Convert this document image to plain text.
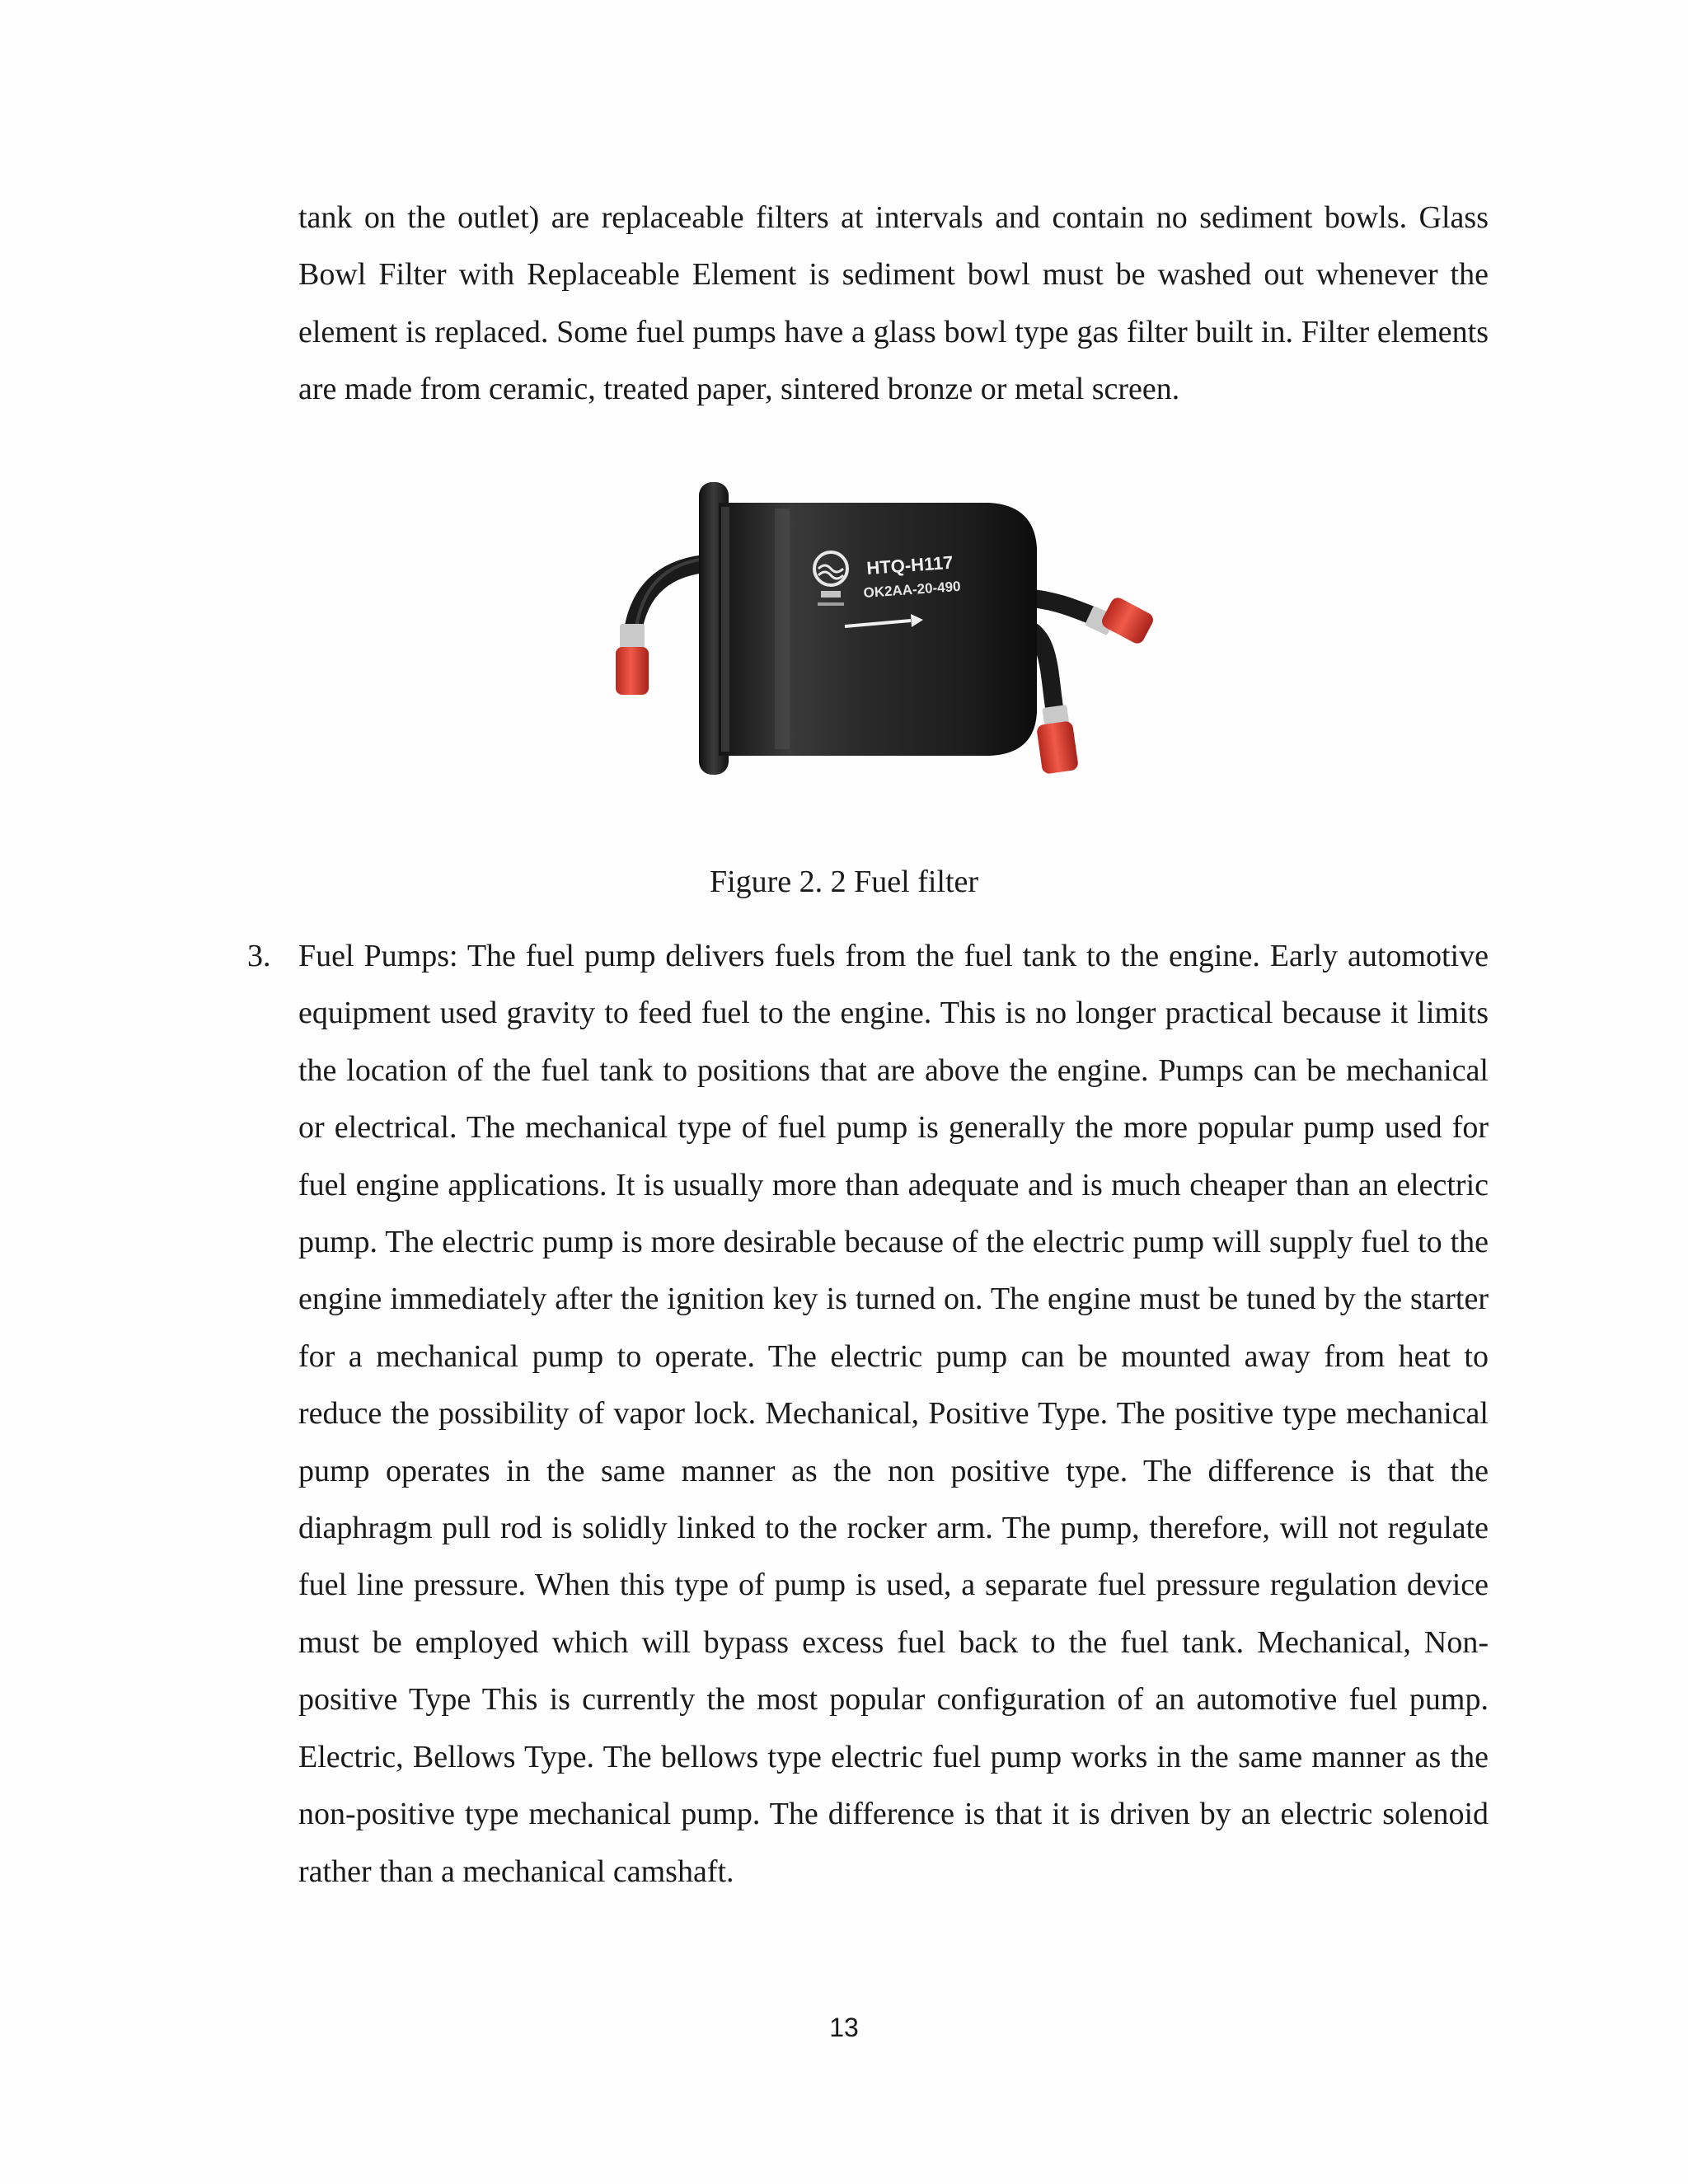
tank on the outlet) are replaceable filters at intervals and contain no sediment bowls. Glass Bowl Filter with Replaceable Element is sediment bowl must be washed out whenever the element is replaced. Some fuel pumps have a glass bowl type gas filter built in. Filter elements are made from ceramic, treated paper, sintered bronze or metal screen.

HTQ-H117
OK2AA-20-490
Figure 2. 2 Fuel filter
3. Fuel Pumps: The fuel pump delivers fuels from the fuel tank to the engine. Early automotive equipment used gravity to feed fuel to the engine. This is no longer practical because it limits the location of the fuel tank to positions that are above the engine. Pumps can be mechanical or electrical. The mechanical type of fuel pump is generally the more popular pump used for fuel engine applications. It is usually more than adequate and is much cheaper than an electric pump. The electric pump is more desirable because of the electric pump will supply fuel to the engine immediately after the ignition key is turned on. The engine must be tuned by the starter for a mechanical pump to operate. The electric pump can be mounted away from heat to reduce the possibility of vapor lock. Mechanical, Positive Type. The positive type mechanical pump operates in the same manner as the non positive type. The difference is that the diaphragm pull rod is solidly linked to the rocker arm. The pump, therefore, will not regulate fuel line pressure. When this type of pump is used, a separate fuel pressure regulation device must be employed which will bypass excess fuel back to the fuel tank. Mechanical, Non-positive Type This is currently the most popular configuration of an automotive fuel pump. Electric, Bellows Type. The bellows type electric fuel pump works in the same manner as the non-positive type mechanical pump. The difference is that it is driven by an electric solenoid rather than a mechanical camshaft.

13
